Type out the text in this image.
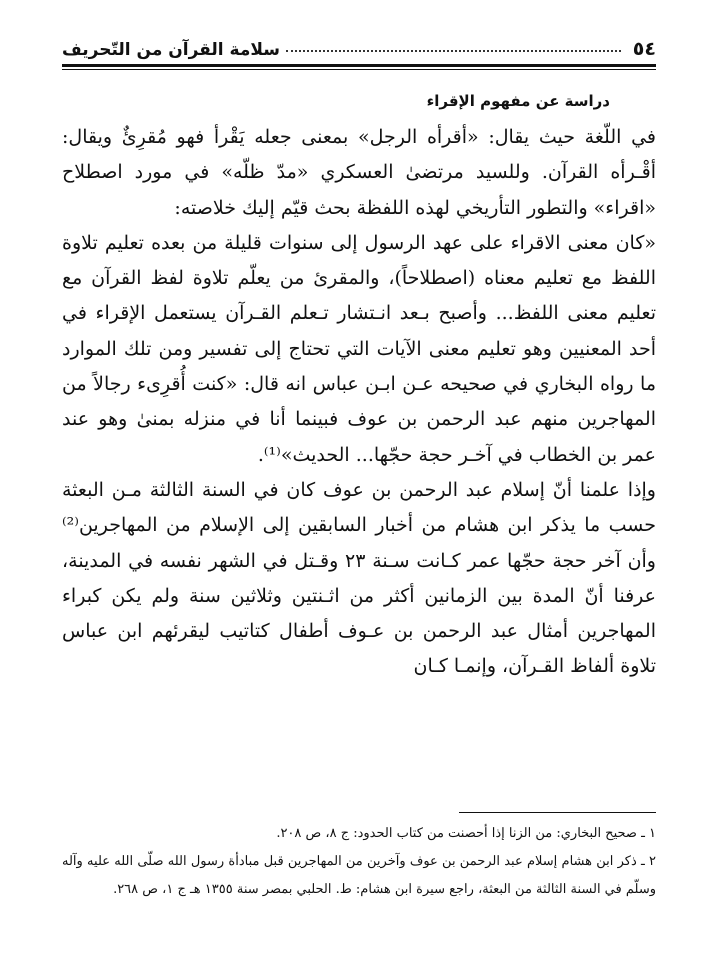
٥٤
سلامة القرآن من التّحريف
دراسة عن مفهوم الإقراء

في اللّغة حيث يقال: «أقرأه الرجل» بمعنى جعله يَقْرأ فهو مُقرِئٌ ويقال: أقْـرأه القرآن. وللسيد مرتضىٰ العسكري «مدّ ظلّه» في مورد اصطلاح «اقراء» والتطور التأريخي لهذه اللفظة بحث قيّم إليك خلاصته:

«كان معنى الاقراء على عهد الرسول إلى سنوات قليلة من بعده تعليم تلاوة اللفظ مع تعليم معناه (اصطلاحاً)، والمقرئ من يعلّم تلاوة لفظ القرآن مع تعليم معنى اللفظ... وأصبح بـعد انـتشار تـعلم القـرآن يستعمل الإقراء في أحد المعنيين وهو تعليم معنى الآيات التي تحتاج إلى تفسير ومن تلك الموارد ما رواه البخاري في صحيحه عـن ابـن عباس انه قال: «كنت أُقرِىء رجالاً من المهاجرين منهم عبد الرحمن بن عوف فبينما أنا في منزله بمنىٰ وهو عند عمر بن الخطاب في آخـر حجة حجّها... الحديث»⁽¹⁾.

وإذا علمنا أنّ إسلام عبد الرحمن بن عوف كان في السنة الثالثة مـن البعثة حسب ما يذكر ابن هشام من أخبار السابقين إلى الإسلام من المهاجرين⁽²⁾ وأن آخر حجة حجّها عمر كـانت سـنة ٢٣ وقـتل في الشهر نفسه في المدينة، عرفنا أنّ المدة بين الزمانين أكثر من اثـنتين وثلاثين سنة ولم يكن كبراء المهاجرين أمثال عبد الرحمن بن عـوف أطفال كتاتيب ليقرئهم ابن عباس تلاوة ألفاظ القـرآن، وإنمـا كـان

١ ـ صحيح البخاري: من الزنا إذا أحصنت من كتاب الحدود: ج ٨، ص ٢٠٨.

٢ ـ ذكر ابن هشام إسلام عبد الرحمن بن عوف وآخرين من المهاجرين قبل مبادأة رسول الله صلّى الله عليه وآله وسلّم في السنة الثالثة من البعثة، راجع سيرة ابن هشام: ط. الحلبي بمصر سنة ١٣٥٥ هـ ج ١، ص ٢٦٨.
